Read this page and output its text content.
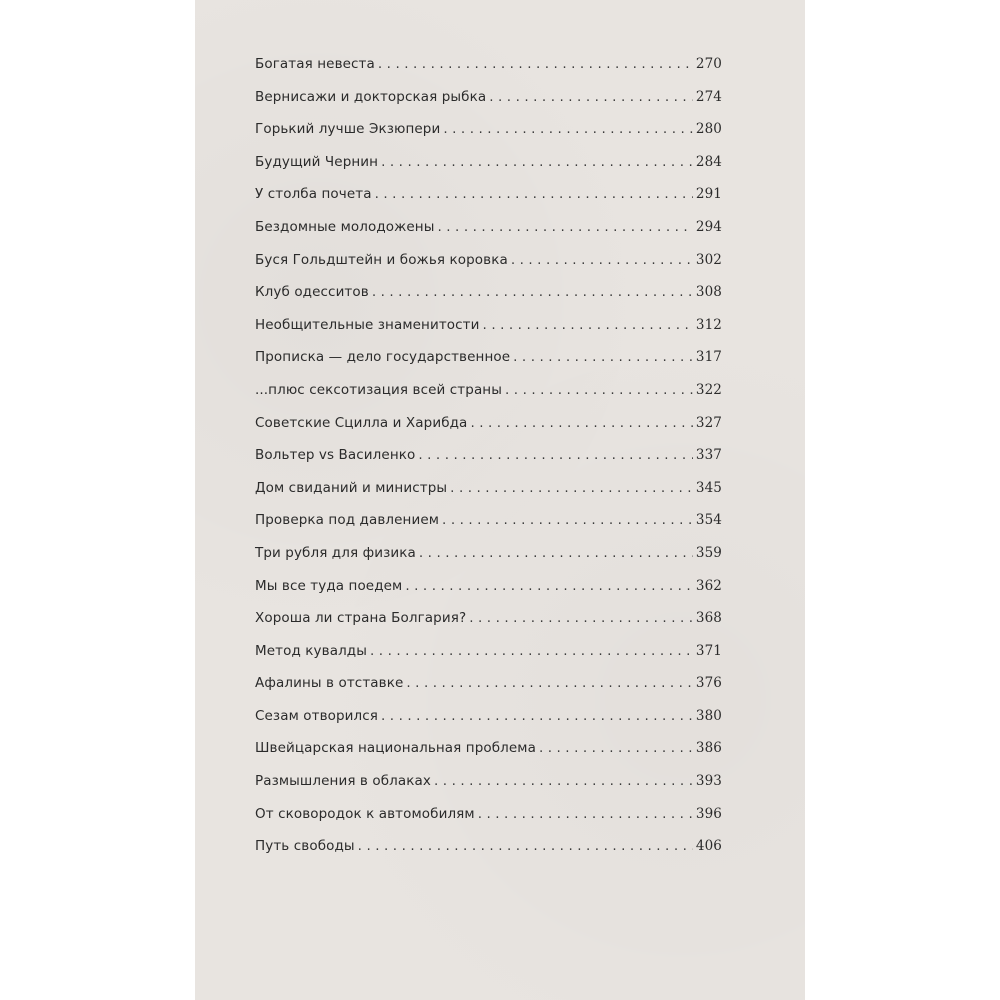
Богатая невеста . . .	270
Вернисажи и докторская рыбка . . .	274
Горький лучше Экзюпери . . .	280
Будущий Чернин . . .	284
У столба почета . . .	291
Бездомные молодожены . . .	294
Буся Гольдштейн и божья коровка . . .	302
Клуб одесситов . . .	308
Необщительные знаменитости . . .	312
Прописка — дело государственное . . .	317
...плюс сексотизация всей страны . . .	322
Советские Сцилла и Харибда . . .	327
Вольтер vs Василенко . . .	337
Дом свиданий и министры . . .	345
Проверка под давлением . . .	354
Три рубля для физика . . .	359
Мы все туда поедем . . .	362
Хороша ли страна Болгария? . . .	368
Метод кувалды . . .	371
Афалины в отставке . . .	376
Сезам отворился . . .	380
Швейцарская национальная проблема . . .	386
Размышления в облаках . . .	393
От сковородок к автомобилям . . .	396
Путь свободы . . .	406
